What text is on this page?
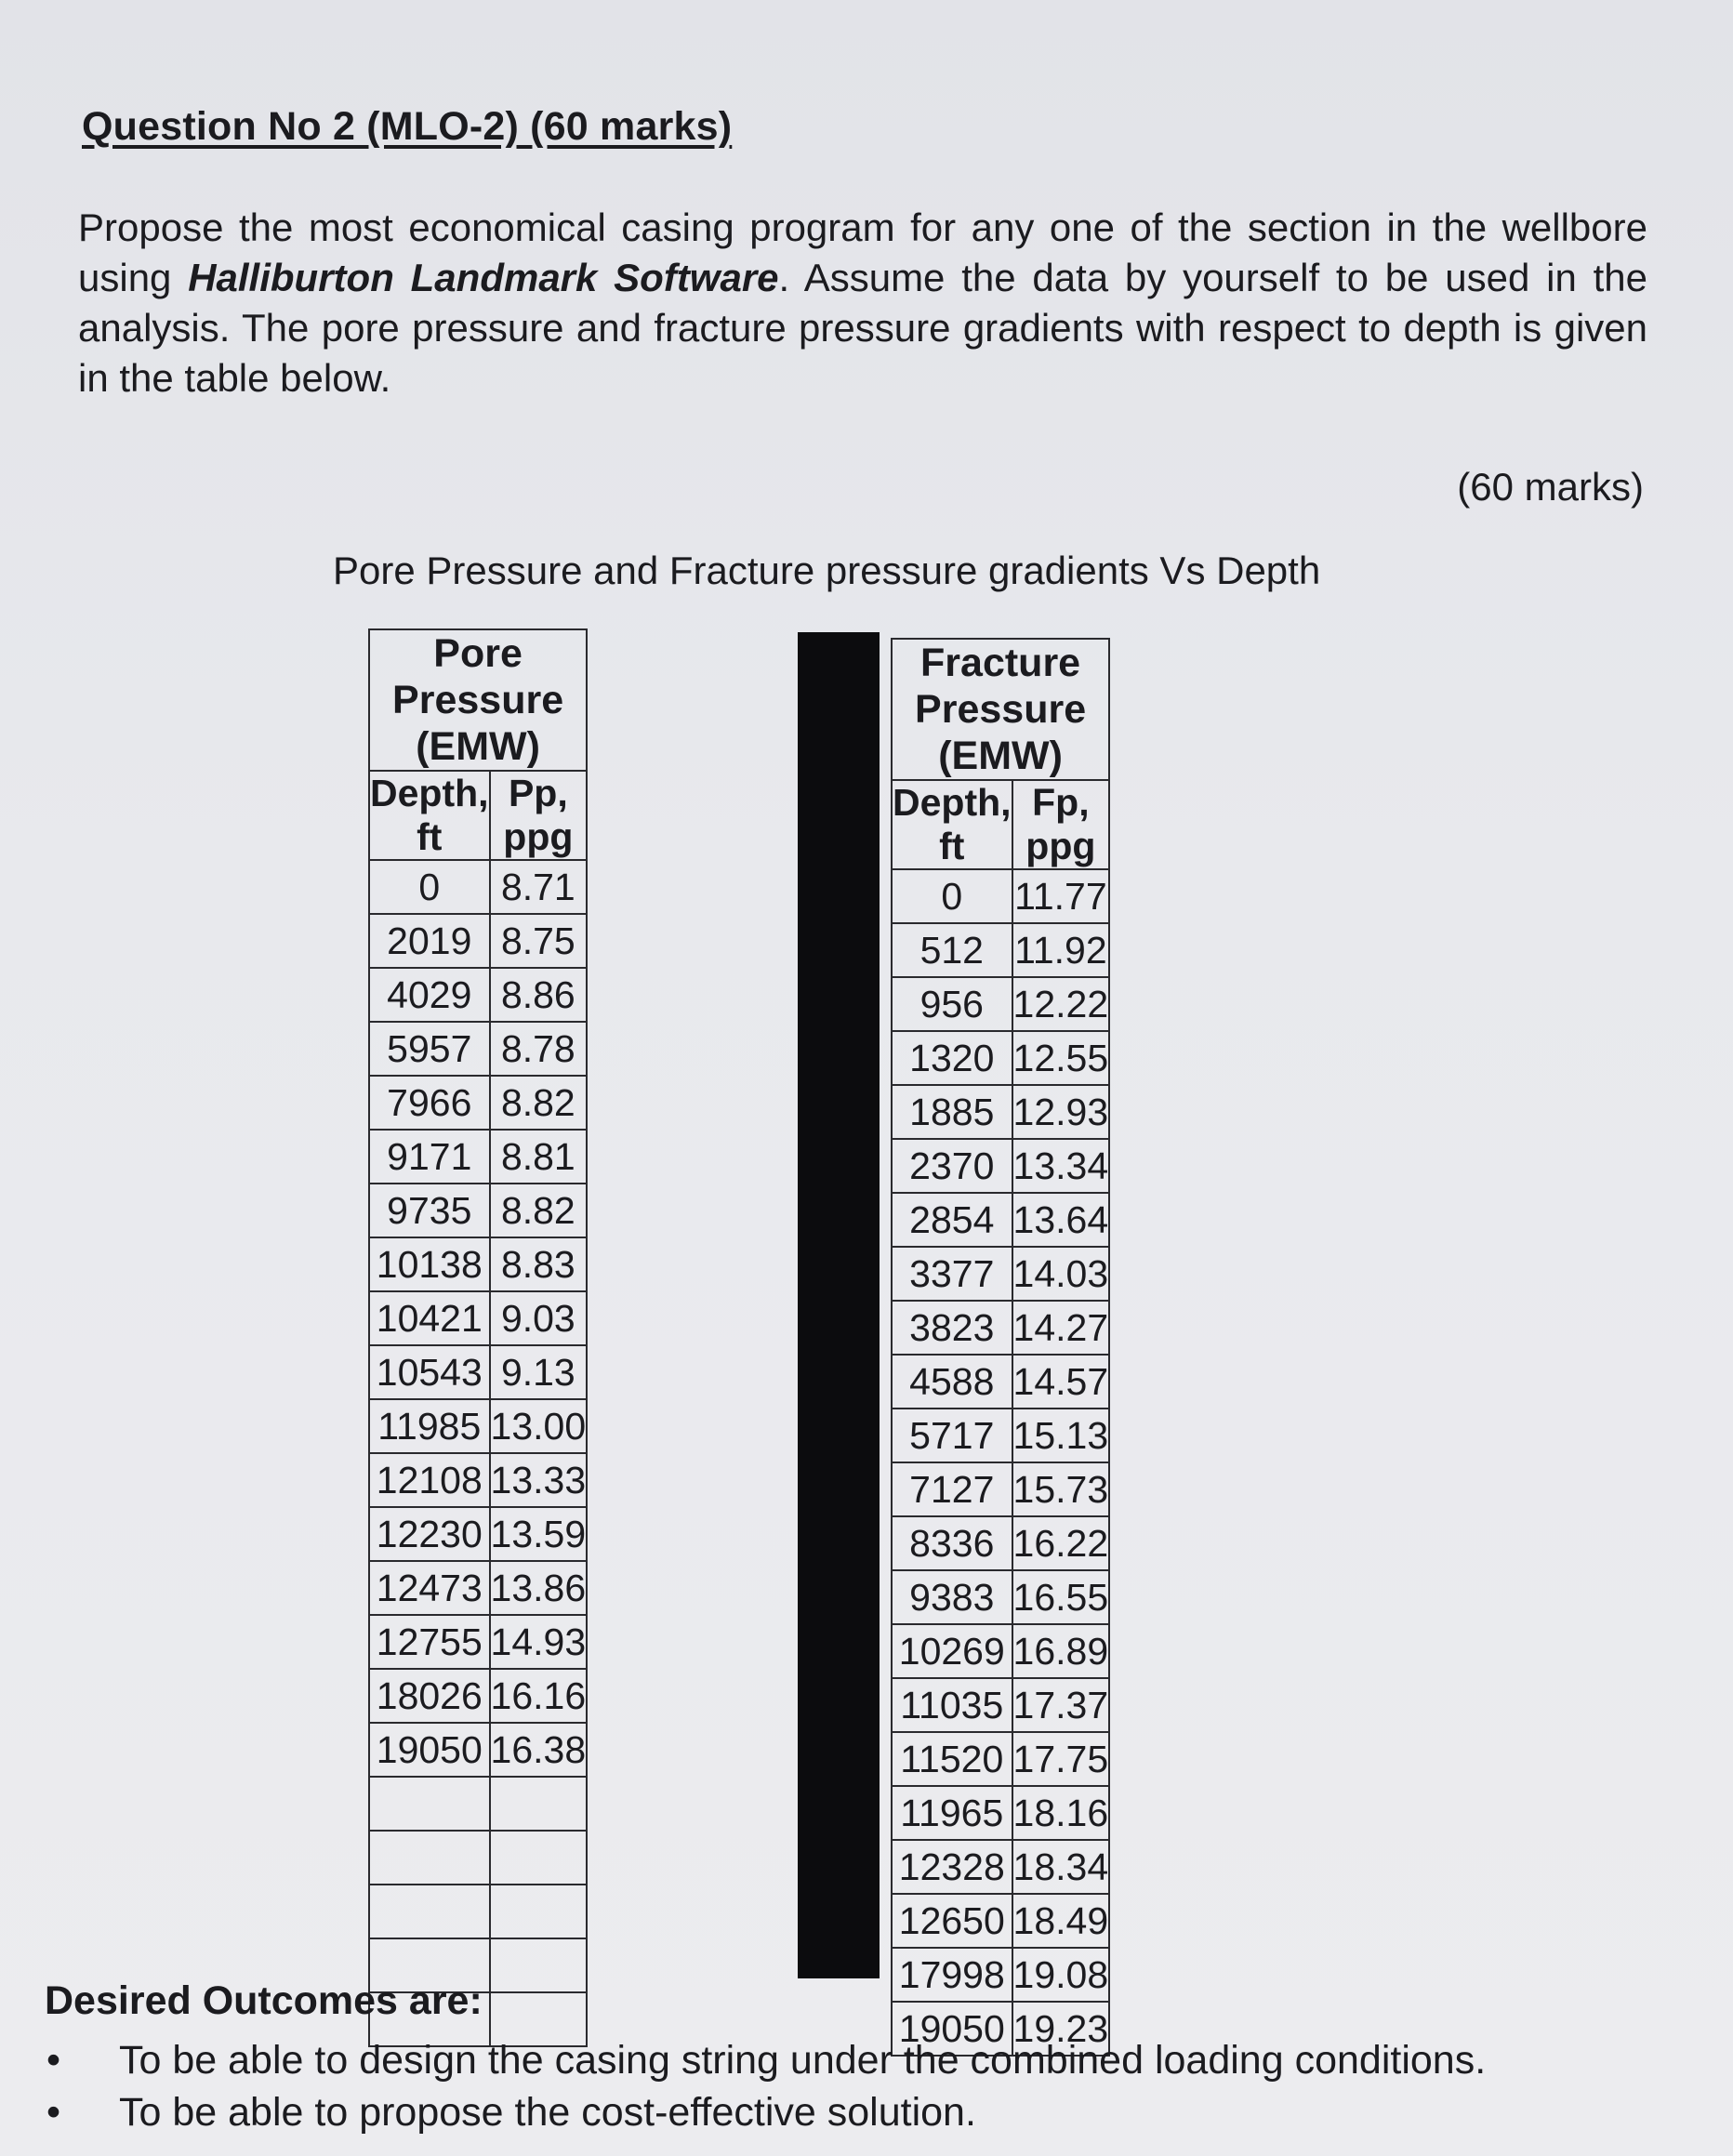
Question No 2 (MLO-2) (60 marks)
Propose the most economical casing program for any one of the section in the wellbore using Halliburton Landmark Software. Assume the data by yourself to be used in the analysis. The pore pressure and fracture pressure gradients with respect to depth is given in the table below.
(60 marks)
Pore Pressure and Fracture pressure gradients Vs Depth
Pore Pressure
(EMW)	
Depth, ft	Pp, ppg
0	8.71
2019	8.75
4029	8.86
5957	8.78
7966	8.82
9171	8.81
9735	8.82
10138	8.83
10421	9.03
10543	9.13
11985	13.00
12108	13.33
12230	13.59
12473	13.86
12755	14.93
18026	16.16
19050	16.38

Fracture Pressure
(EMW)	
Depth, ft	Fp, ppg
0	11.77
512	11.92
956	12.22
1320	12.55
1885	12.93
2370	13.34
2854	13.64
3377	14.03
3823	14.27
4588	14.57
5717	15.13
7127	15.73
8336	16.22
9383	16.55
10269	16.89
11035	17.37
11520	17.75
11965	18.16
12328	18.34
12650	18.49
17998	19.08
19050	19.23
Desired Outcomes are:
• To be able to design the casing string under the combined loading conditions.
• To be able to propose the cost-effective solution.
